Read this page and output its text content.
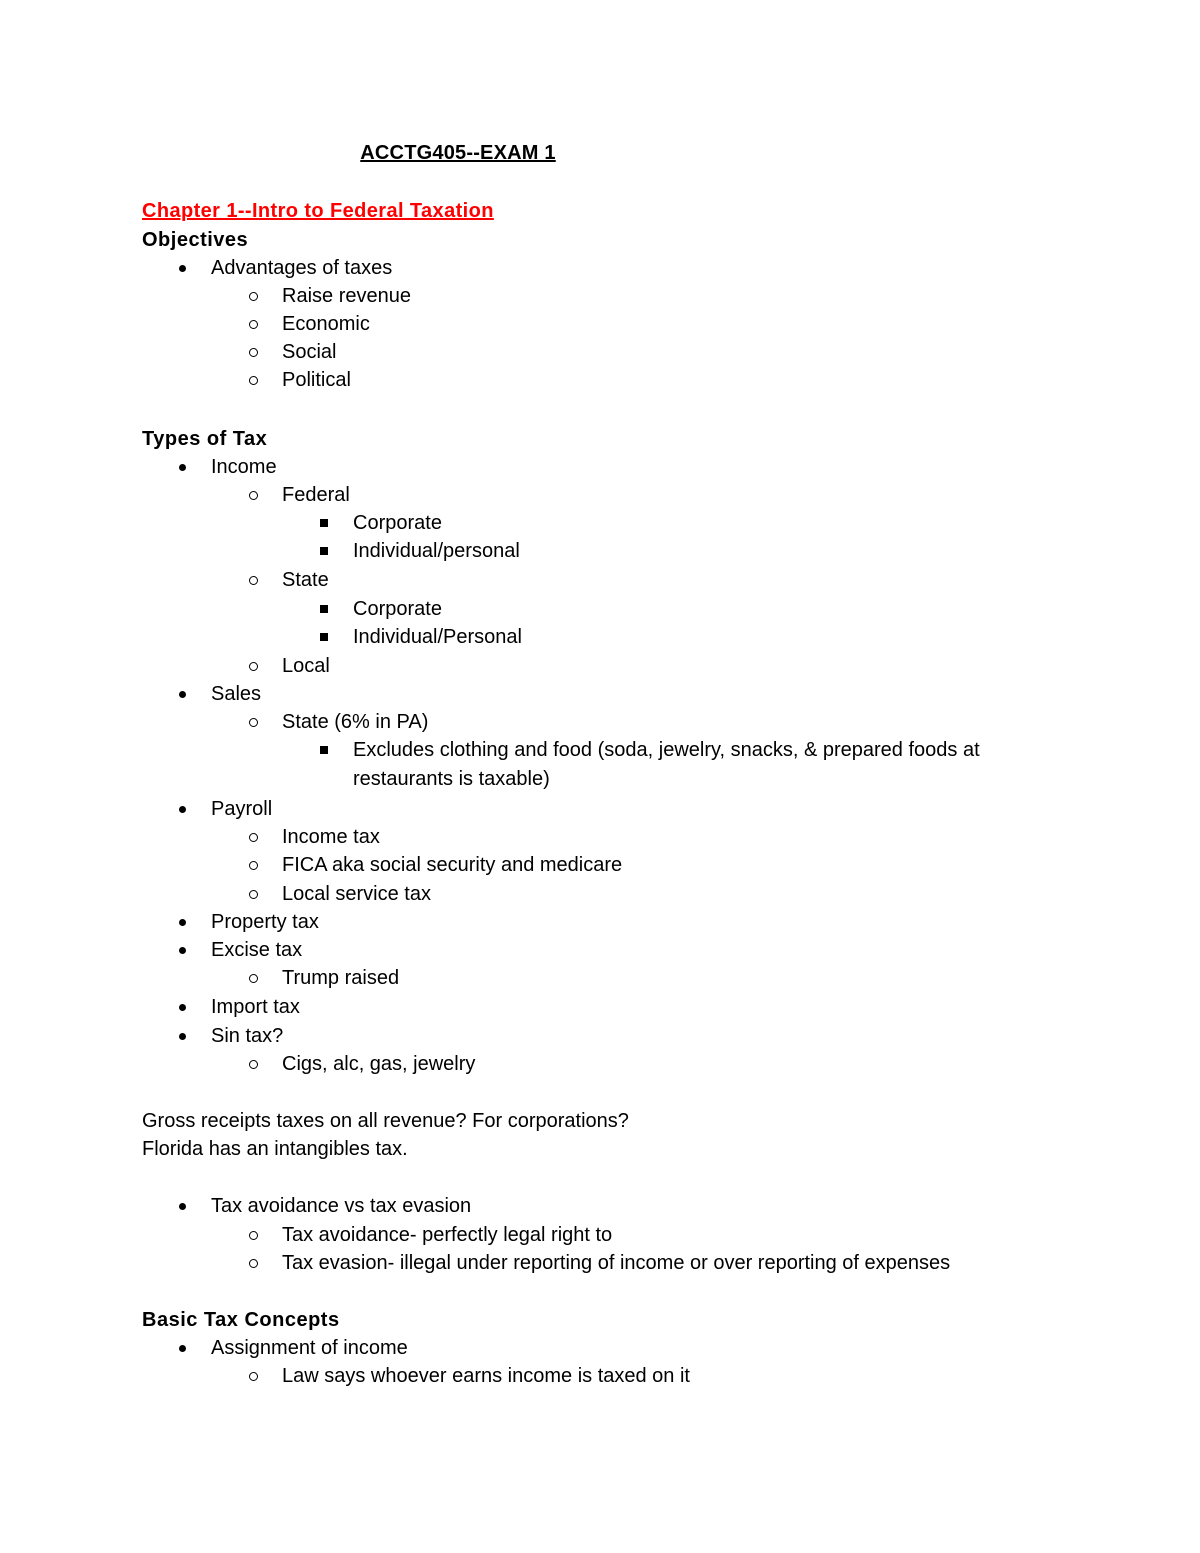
ACCTG405--EXAM 1
Chapter 1--Intro to Federal Taxation
Objectives
Advantages of taxes
Raise revenue
Economic
Social
Political
Types of Tax
Income
Federal
Corporate
Individual/personal
State
Corporate
Individual/Personal
Local
Sales
State (6% in PA)
Excludes clothing and food (soda, jewelry, snacks, & prepared foods at
restaurants is taxable)
Payroll
Income tax
FICA aka social security and medicare
Local service tax
Property tax
Excise tax
Trump raised
Import tax
Sin tax?
Cigs, alc, gas, jewelry
Gross receipts taxes on all revenue? For corporations?
Florida has an intangibles tax.
Tax avoidance vs tax evasion
Tax avoidance- perfectly legal right to
Tax evasion- illegal under reporting of income or over reporting of expenses
Basic Tax Concepts
Assignment of income
Law says whoever earns income is taxed on it
